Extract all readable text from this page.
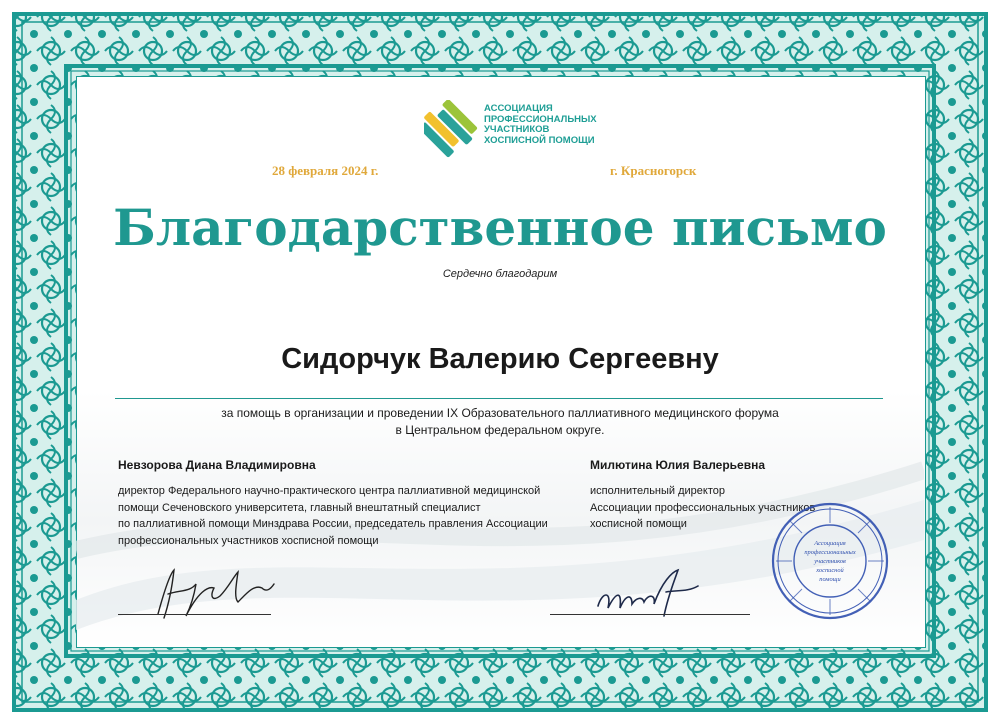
АССОЦИАЦИЯ
ПРОФЕССИОНАЛЬНЫХ
УЧАСТНИКОВ
ХОСПИСНОЙ ПОМОЩИ
28 февраля 2024 г.	г. Красногорск
Благодарственное письмо
Сердечно благодарим
Сидорчук Валерию Сергеевну
за помощь в организации и проведении IX Образовательного паллиативного медицинского форума
в Центральном федеральном округе.
Невзорова Диана Владимировна
директор Федерального научно-практического центра паллиативной медицинской
помощи Сеченовского университета, главный внештатный специалист
по паллиативной помощи Минздрава России, председатель правления Ассоциации
профессиональных участников хосписной помощи
Милютина Юлия Валерьевна
исполнительный директор
Ассоциации профессиональных участников
хосписной помощи
Ассоциация
профессиональных
участников
хосписной
помощи
